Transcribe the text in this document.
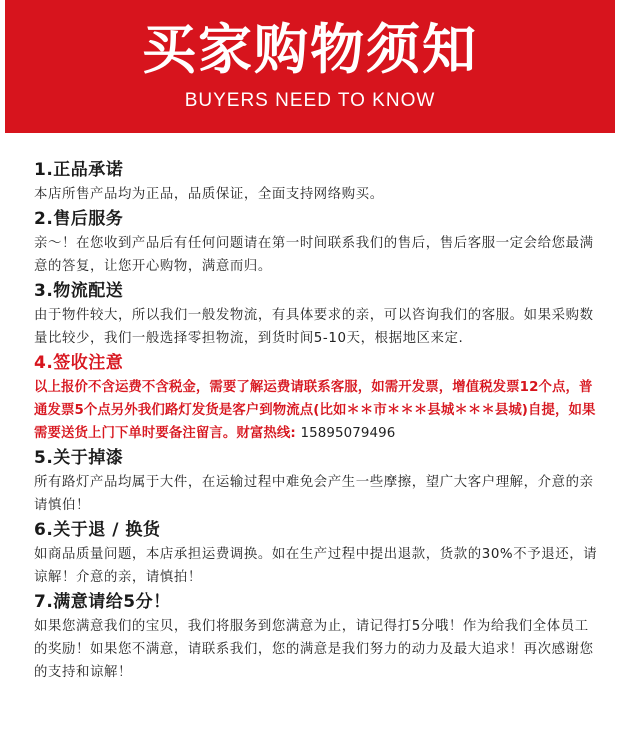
买家购物须知
BUYERS NEED TO KNOW
1.正品承诺
本店所售产品均为正品，品质保证，全面支持网络购买。
2.售后服务
亲～！在您收到产品后有任何问题请在第一时间联系我们的售后，售后客服一定会给您最满意的答复，让您开心购物，满意而归。
3.物流配送
由于物件较大，所以我们一般发物流，有具体要求的亲，可以咨询我们的客服。如果采购数量比较少，我们一般选择零担物流，到货时间5-10天，根据地区来定.
4.签收注意
以上报价不含运费不含税金，需要了解运费请联系客服，如需开发票，增值税发票12个点，普通发票5个点另外我们路灯发货是客户到物流点(比如＊＊市＊＊＊县城＊＊＊县城)自提，如果需要送货上门下单时要备注留言。财富热线: 15895079496
5.关于掉漆
所有路灯产品均属于大件，在运输过程中难免会产生一些摩擦，望广大客户理解，介意的亲请慎伯！
6.关于退 / 换货
如商品质量问题，本店承担运费调换。如在生产过程中提出退款，货款的30%不予退还，请谅解！介意的亲，请慎拍！
7.满意请给5分！
如果您满意我们的宝贝，我们将服务到您满意为止，请记得打5分哦！作为给我们全体员工的奖励！如果您不满意，请联系我们，您的满意是我们努力的动力及最大追求！再次感谢您的支持和谅解！
